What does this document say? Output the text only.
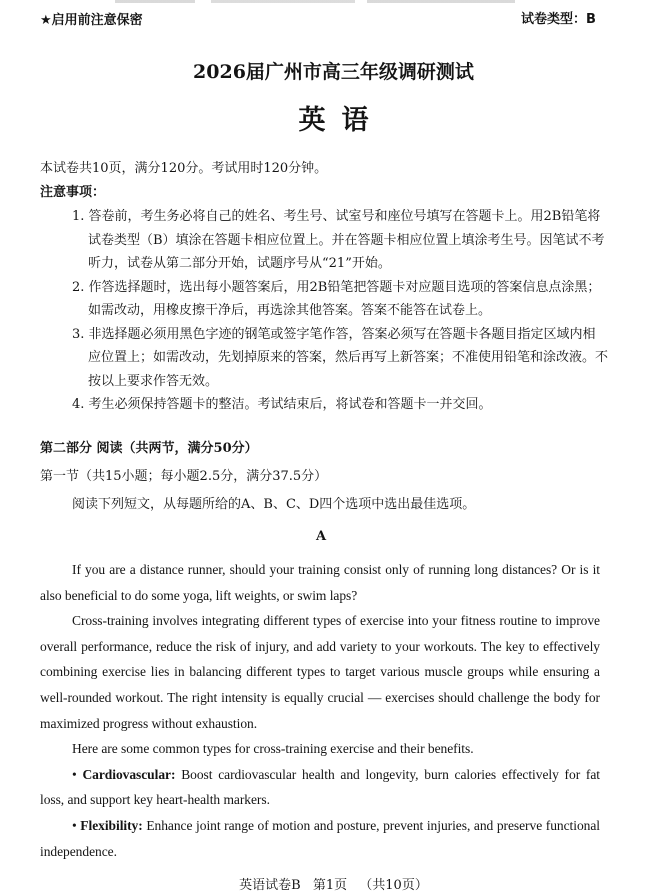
★启用前注意保密	试卷类型：B
2026届广州市高三年级调研测试
英语
本试卷共10页，满分120分。考试用时120分钟。
注意事项：

1. 答卷前，考生务必将自己的姓名、考生号、试室号和座位号填写在答题卡上。用2B铅笔将试卷类型（B）填涂在答题卡相应位置上。并在答题卡相应位置上填涂考生号。因笔试不考听力，试卷从第二部分开始，试题序号从“21”开始。

2. 作答选择题时，选出每小题答案后，用2B铅笔把答题卡对应题目选项的答案信息点涂黑；如需改动，用橡皮擦干净后，再选涂其他答案。答案不能答在试卷上。

3. 非选择题必须用黑色字迹的钢笔或签字笔作答，答案必须写在答题卡各题目指定区域内相应位置上；如需改动，先划掉原来的答案，然后再写上新答案；不准使用铅笔和涂改液。不按以上要求作答无效。

4. 考生必须保持答题卡的整洁。考试结束后，将试卷和答题卡一并交回。

第二部分 阅读（共两节，满分50分）
第一节（共15小题；每小题2.5分，满分37.5分）
阅读下列短文，从每题所给的A、B、C、D四个选项中选出最佳选项。
A

If you are a distance runner, should your training consist only of running long distances? Or is it also beneficial to do some yoga, lift weights, or swim laps?

Cross-training involves integrating different types of exercise into your fitness routine to improve overall performance, reduce the risk of injury, and add variety to your workouts. The key to effectively combining exercise lies in balancing different types to target various muscle groups while ensuring a well-rounded workout. The right intensity is equally crucial — exercises should challenge the body for maximized progress without exhaustion.

Here are some common types for cross-training exercise and their benefits.

• Cardiovascular: Boost cardiovascular health and longevity, burn calories effectively for fat loss, and support key heart-health markers.

• Flexibility: Enhance joint range of motion and posture, prevent injuries, and preserve functional independence.

英语试卷B 第1页 （共10页）
